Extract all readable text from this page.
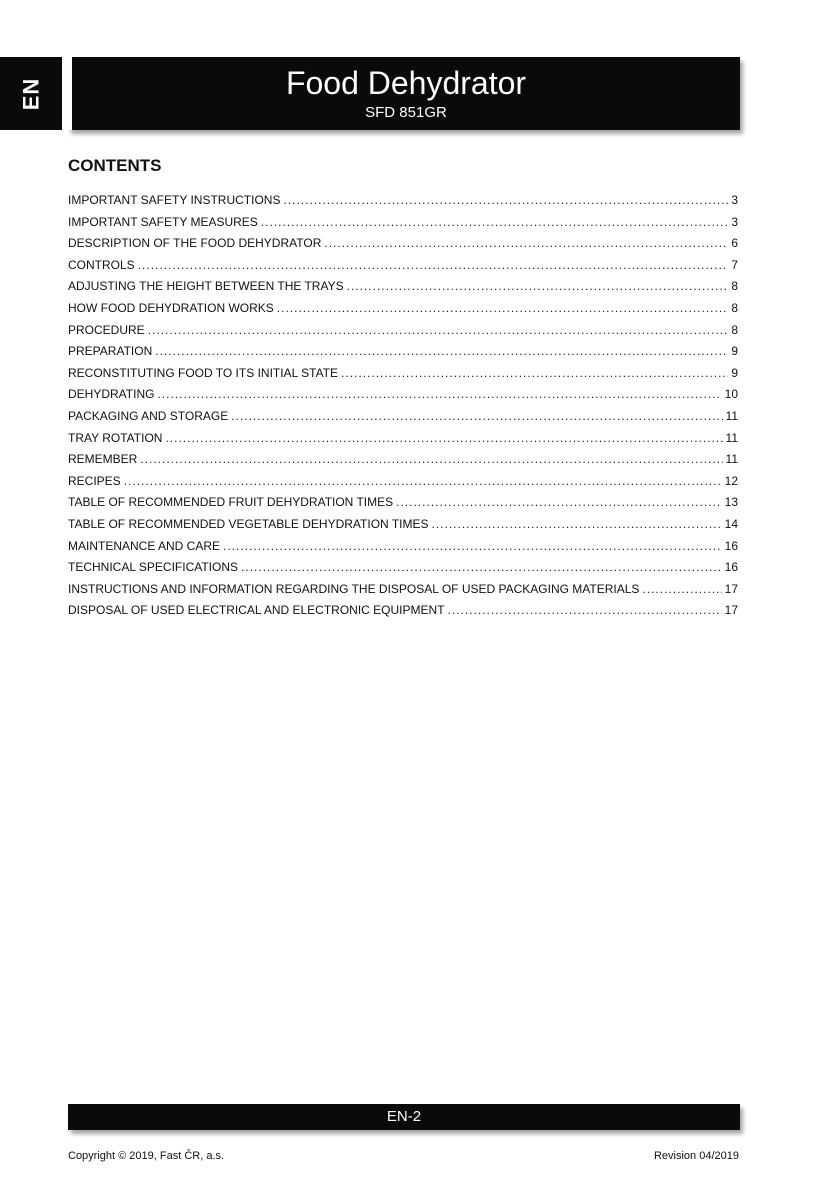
EN	Food Dehydrator
SFD 851GR
CONTENTS
IMPORTANT SAFETY INSTRUCTIONS .....	3
IMPORTANT SAFETY MEASURES .....	3
DESCRIPTION OF THE FOOD DEHYDRATOR .....	6
CONTROLS .....	7
ADJUSTING THE HEIGHT BETWEEN THE TRAYS .....	8
HOW FOOD DEHYDRATION WORKS .....	8
PROCEDURE .....	8
PREPARATION .....	9
RECONSTITUTING FOOD TO ITS INITIAL STATE .....	9
DEHYDRATING .....	10
PACKAGING AND STORAGE .....	11
TRAY ROTATION .....	11
REMEMBER .....	11
RECIPES .....	12
TABLE OF RECOMMENDED FRUIT DEHYDRATION TIMES .....	13
TABLE OF RECOMMENDED VEGETABLE DEHYDRATION TIMES .....	14
MAINTENANCE AND CARE .....	16
TECHNICAL SPECIFICATIONS .....	16
INSTRUCTIONS AND INFORMATION REGARDING THE DISPOSAL OF USED PACKAGING MATERIALS .....	17
DISPOSAL OF USED ELECTRICAL AND ELECTRONIC EQUIPMENT .....	17
EN-2
Copyright © 2019, Fast ČR, a.s.	Revision 04/2019
